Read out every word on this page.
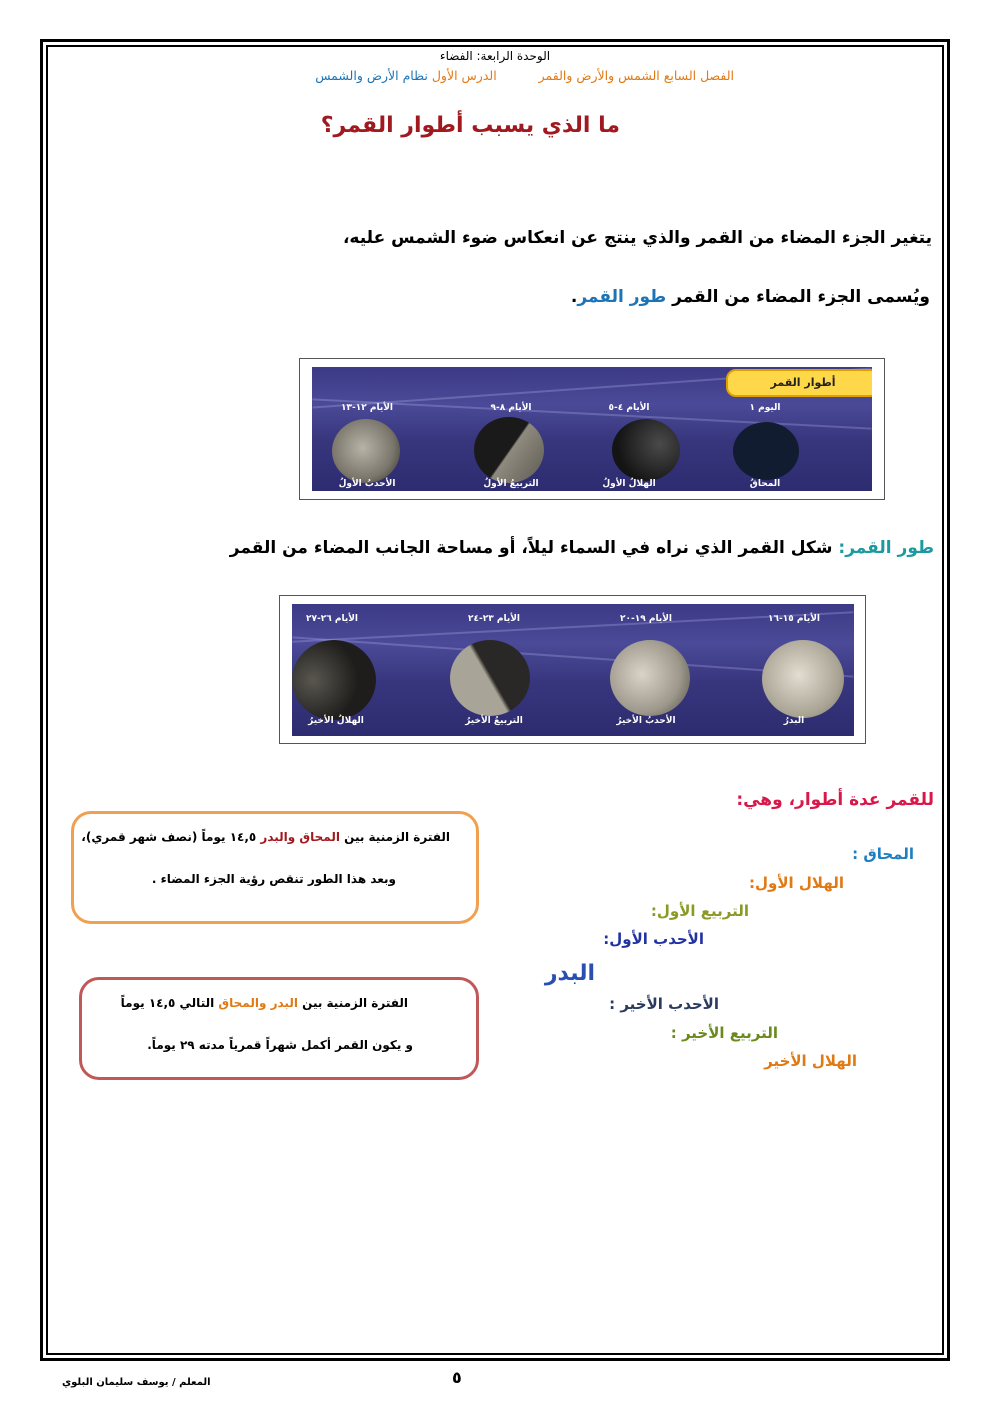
الوحدة الرابعة: الفضاء
الفصل السابع الشمس والأرض والقمر  الدرس الأول نظام الأرض والشمس
ما الذي يسبب أطوار القمر؟
يتغير الجزء المضاء من القمر والذي ينتج عن انعكاس ضوء الشمس عليه،
ويُسمى الجزء المضاء من القمر طور القمر.
أطوار القمر
اليوم ١
الأيام ٤-٥
الأيام ٨-٩
الأيام ١٢-١٣
المحاقُ
الهلالُ الأولُ
التربيعُ الأولُ
الأحدبُ الأولُ
طور القمر: شكل القمر الذي نراه في السماء ليلاً، أو مساحة الجانب المضاء من القمر
الأيام ١٥-١٦
الأيام ١٩-٢٠
الأيام ٢٣-٢٤
الأيام ٢٦-٢٧
البدرُ
الأحدبُ الأخيرُ
التربيعُ الأخيرُ
الهلالُ الأخيرُ
للقمر عدة أطوار، وهي:
المحاق :
الهلال الأول:
التربيع الأول:
الأحدب الأول:
البدر
الأحدب الأخير :
التربيع الأخير :
الهلال الأخير
الفترة الزمنية بين المحاق والبدر ١٤,٥ يوماً (نصف شهر قمري)،
وبعد هذا الطور تنقص رؤية الجزء المضاء .
الفترة الزمنية بين البدر والمحاق التالي ١٤,٥ يوماً
و يكون القمر أكمل شهراً قمرياً مدته ٢٩ يوماً.
٥
المعلم / يوسف سليمان البلوي
